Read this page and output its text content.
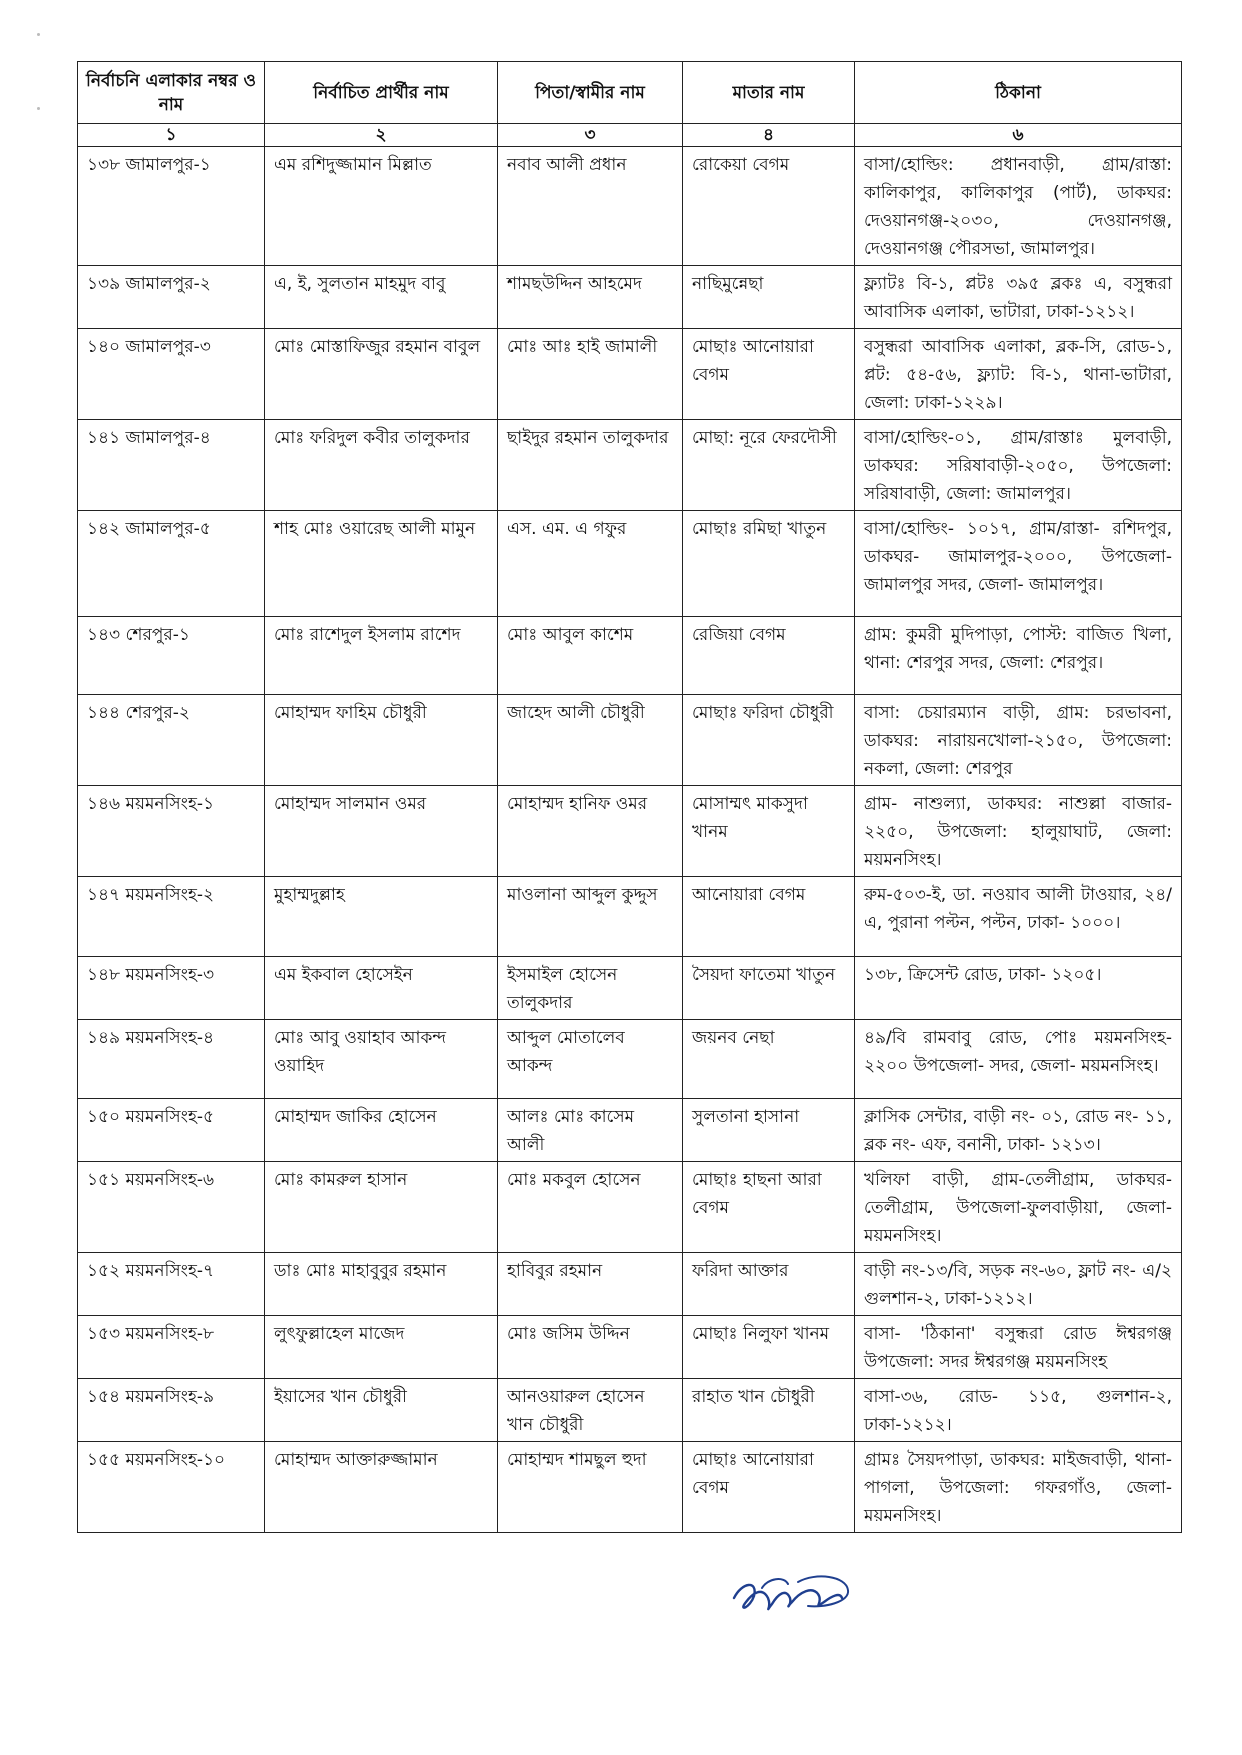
নির্বাচনি এলাকার নম্বর ও নাম	নির্বাচিত প্রার্থীর নাম	পিতা/স্বামীর নাম	মাতার নাম	ঠিকানা
১	২	৩	৪	৬
১৩৮ জামালপুর-১	এম রশিদুজ্জামান মিল্লাত	নবাব আলী প্রধান	রোকেয়া বেগম	বাসা/হোল্ডিং: প্রধানবাড়ী, গ্রাম/রাস্তা: কালিকাপুর, কালিকাপুর (পার্ট), ডাকঘর: দেওয়ানগঞ্জ-২০৩০, দেওয়ানগঞ্জ, দেওয়ানগঞ্জ পৌরসভা, জামালপুর।
১৩৯ জামালপুর-২	এ, ই, সুলতান মাহমুদ বাবু	শামছউদ্দিন আহমেদ	নাছিমুন্নেছা	ফ্ল্যাটঃ বি-১, প্লটঃ ৩৯৫ ব্লকঃ এ, বসুন্ধরা আবাসিক এলাকা, ভাটারা, ঢাকা-১২১২।
১৪০ জামালপুর-৩	মোঃ মোস্তাফিজুর রহমান বাবুল	মোঃ আঃ হাই জামালী	মোছাঃ আনোয়ারা বেগম	বসুন্ধরা আবাসিক এলাকা, ব্লক-সি, রোড-১, প্লট: ৫৪-৫৬, ফ্ল্যাট: বি-১, থানা-ভাটারা, জেলা: ঢাকা-১২২৯।
১৪১ জামালপুর-৪	মোঃ ফরিদুল কবীর তালুকদার	ছাইদুর রহমান তালুকদার	মোছা: নূরে ফেরদৌসী	বাসা/হোল্ডিং-০১, গ্রাম/রাস্তাঃ মুলবাড়ী, ডাকঘর: সরিষাবাড়ী-২০৫০, উপজেলা: সরিষাবাড়ী, জেলা: জামালপুর।
১৪২ জামালপুর-৫	শাহ মোঃ ওয়ারেছ আলী মামুন	এস. এম. এ গফুর	মোছাঃ রমিছা খাতুন	বাসা/হোল্ডিং- ১০১৭, গ্রাম/রাস্তা- রশিদপুর, ডাকঘর- জামালপুর-২০০০, উপজেলা- জামালপুর সদর, জেলা- জামালপুর।
১৪৩ শেরপুর-১	মোঃ রাশেদুল ইসলাম রাশেদ	মোঃ আবুল কাশেম	রেজিয়া বেগম	গ্রাম: কুমরী মুদিপাড়া, পোস্ট: বাজিত খিলা, থানা: শেরপুর সদর, জেলা: শেরপুর।
১৪৪ শেরপুর-২	মোহাম্মদ ফাহিম চৌধুরী	জাহেদ আলী চৌধুরী	মোছাঃ ফরিদা চৌধুরী	বাসা: চেয়ারম্যান বাড়ী, গ্রাম: চরভাবনা, ডাকঘর: নারায়নখোলা-২১৫০, উপজেলা: নকলা, জেলা: শেরপুর
১৪৬ ময়মনসিংহ-১	মোহাম্মদ সালমান ওমর	মোহাম্মদ হানিফ ওমর	মোসাম্মৎ মাকসুদা খানম	গ্রাম- নাশুল্যা, ডাকঘর: নাশুল্লা বাজার- ২২৫০, উপজেলা: হালুয়াঘাট, জেলা: ময়মনসিংহ।
১৪৭ ময়মনসিংহ-২	মুহাম্মদুল্লাহ	মাওলানা আব্দুল কুদ্দুস	আনোয়ারা বেগম	রুম-৫০৩-ই, ডা. নওয়াব আলী টাওয়ার, ২৪/এ, পুরানা পল্টন, পল্টন, ঢাকা- ১০০০।
১৪৮ ময়মনসিংহ-৩	এম ইকবাল হোসেইন	ইসমাইল হোসেন তালুকদার	সৈয়দা ফাতেমা খাতুন	১৩৮, ক্রিসেন্ট রোড, ঢাকা- ১২০৫।
১৪৯ ময়মনসিংহ-৪	মোঃ আবু ওয়াহাব আকন্দ ওয়াহিদ	আব্দুল মোতালেব আকন্দ	জয়নব নেছা	৪৯/বি রামবাবু রোড, পোঃ ময়মনসিংহ- ২২০০ উপজেলা- সদর, জেলা- ময়মনসিংহ।
১৫০ ময়মনসিংহ-৫	মোহাম্মদ জাকির হোসেন	আলঃ মোঃ কাসেম আলী	সুলতানা হাসানা	ক্লাসিক সেন্টার, বাড়ী নং- ০১, রোড নং- ১১, ব্লক নং- এফ, বনানী, ঢাকা- ১২১৩।
১৫১ ময়মনসিংহ-৬	মোঃ কামরুল হাসান	মোঃ মকবুল হোসেন	মোছাঃ হাছনা আরা বেগম	খলিফা বাড়ী, গ্রাম-তেলীগ্রাম, ডাকঘর- তেলীগ্রাম, উপজেলা-ফুলবাড়ীয়া, জেলা- ময়মনসিংহ।
১৫২ ময়মনসিংহ-৭	ডাঃ মোঃ মাহাবুবুর রহমান	হাবিবুর রহমান	ফরিদা আক্তার	বাড়ী নং-১৩/বি, সড়ক নং-৬০, ফ্লাট নং- এ/২ গুলশান-২, ঢাকা-১২১২।
১৫৩ ময়মনসিংহ-৮	লুৎফুল্লাহেল মাজেদ	মোঃ জসিম উদ্দিন	মোছাঃ নিলুফা খানম	বাসা- 'ঠিকানা' বসুন্ধরা রোড ঈশ্বরগঞ্জ উপজেলা: সদর ঈশ্বরগঞ্জ ময়মনসিংহ
১৫৪ ময়মনসিংহ-৯	ইয়াসের খান চৌধুরী	আনওয়ারুল হোসেন খান চৌধুরী	রাহাত খান চৌধুরী	বাসা-৩৬, রোড- ১১৫, গুলশান-২, ঢাকা-১২১২।
১৫৫ ময়মনসিংহ-১০	মোহাম্মদ আক্তারুজ্জামান	মোহাম্মদ শামছুল হুদা	মোছাঃ আনোয়ারা বেগম	গ্রামঃ সৈয়দপাড়া, ডাকঘর: মাইজবাড়ী, থানা- পাগলা, উপজেলা: গফরগাঁও, জেলা-ময়মনসিংহ।
